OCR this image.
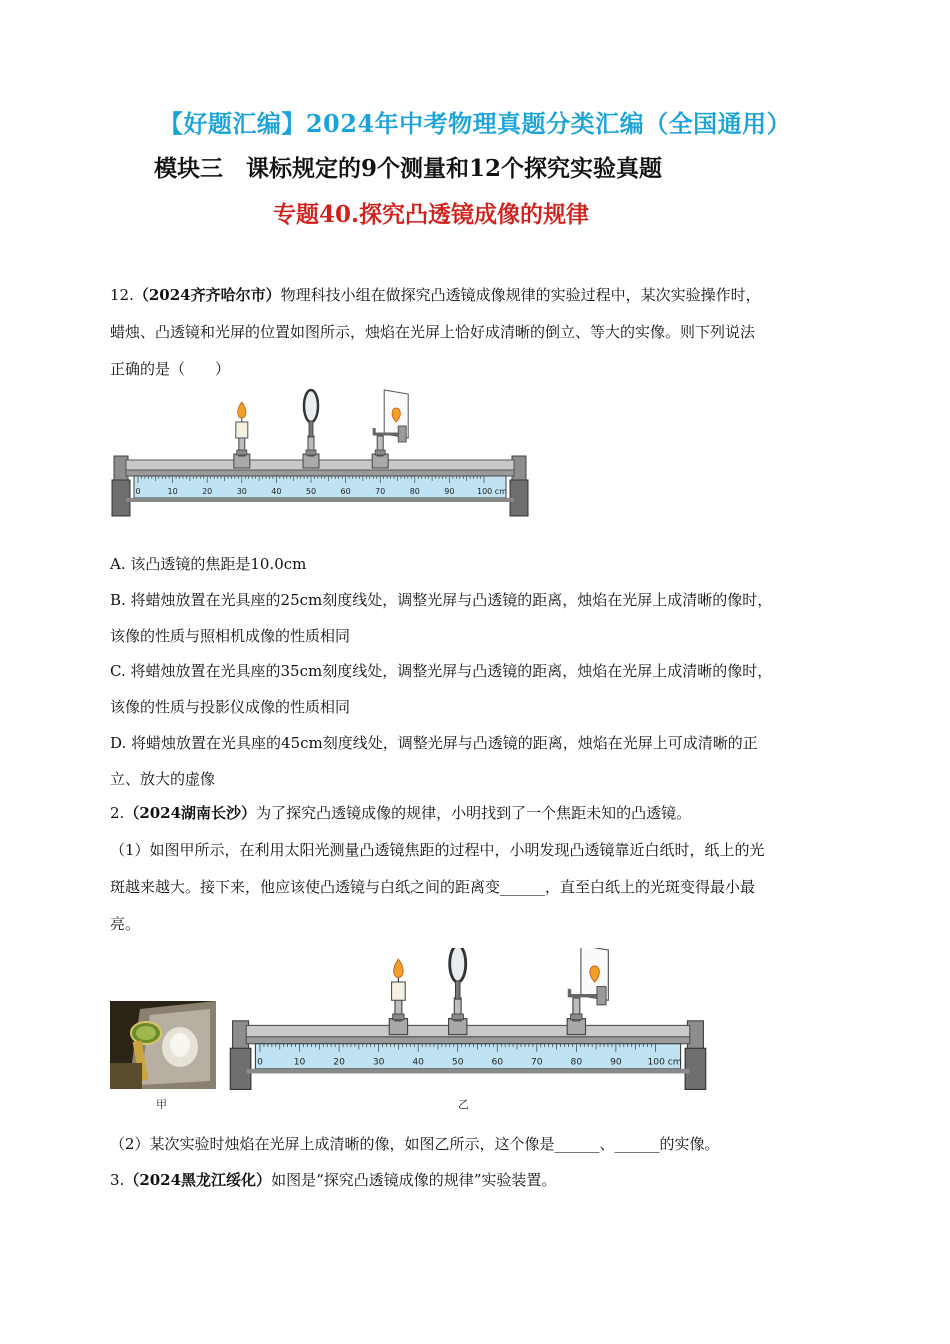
【好题汇编】2024年中考物理真题分类汇编（全国通用）
模块三　课标规定的9个测量和12个探究实验真题
专题40.探究凸透镜成像的规律
12.（2024齐齐哈尔市）物理科技小组在做探究凸透镜成像规律的实验过程中，某次实验操作时，
蜡烛、凸透镜和光屏的位置如图所示，烛焰在光屏上恰好成清晰的倒立、等大的实像。则下列说法
正确的是（　　）
0	10	20	30	40	50	60	70	80	90	100 cm
A. 该凸透镜的焦距是10.0cm
B. 将蜡烛放置在光具座的25cm刻度线处，调整光屏与凸透镜的距离，烛焰在光屏上成清晰的像时，
该像的性质与照相机成像的性质相同
C. 将蜡烛放置在光具座的35cm刻度线处，调整光屏与凸透镜的距离，烛焰在光屏上成清晰的像时，
该像的性质与投影仪成像的性质相同
D. 将蜡烛放置在光具座的45cm刻度线处，调整光屏与凸透镜的距离，烛焰在光屏上可成清晰的正
立、放大的虚像
2.（2024湖南长沙）为了探究凸透镜成像的规律，小明找到了一个焦距未知的凸透镜。
（1）如图甲所示，在利用太阳光测量凸透镜焦距的过程中，小明发现凸透镜靠近白纸时，纸上的光
斑越来越大。接下来，他应该使凸透镜与白纸之间的距离变______，直至白纸上的光斑变得最小最
亮。
甲
0	10	20	30	40	50	60	70	80	90	100 cm
乙
（2）某次实验时烛焰在光屏上成清晰的像，如图乙所示，这个像是______、______的实像。
3.（2024黑龙江绥化）如图是“探究凸透镜成像的规律”实验装置。
